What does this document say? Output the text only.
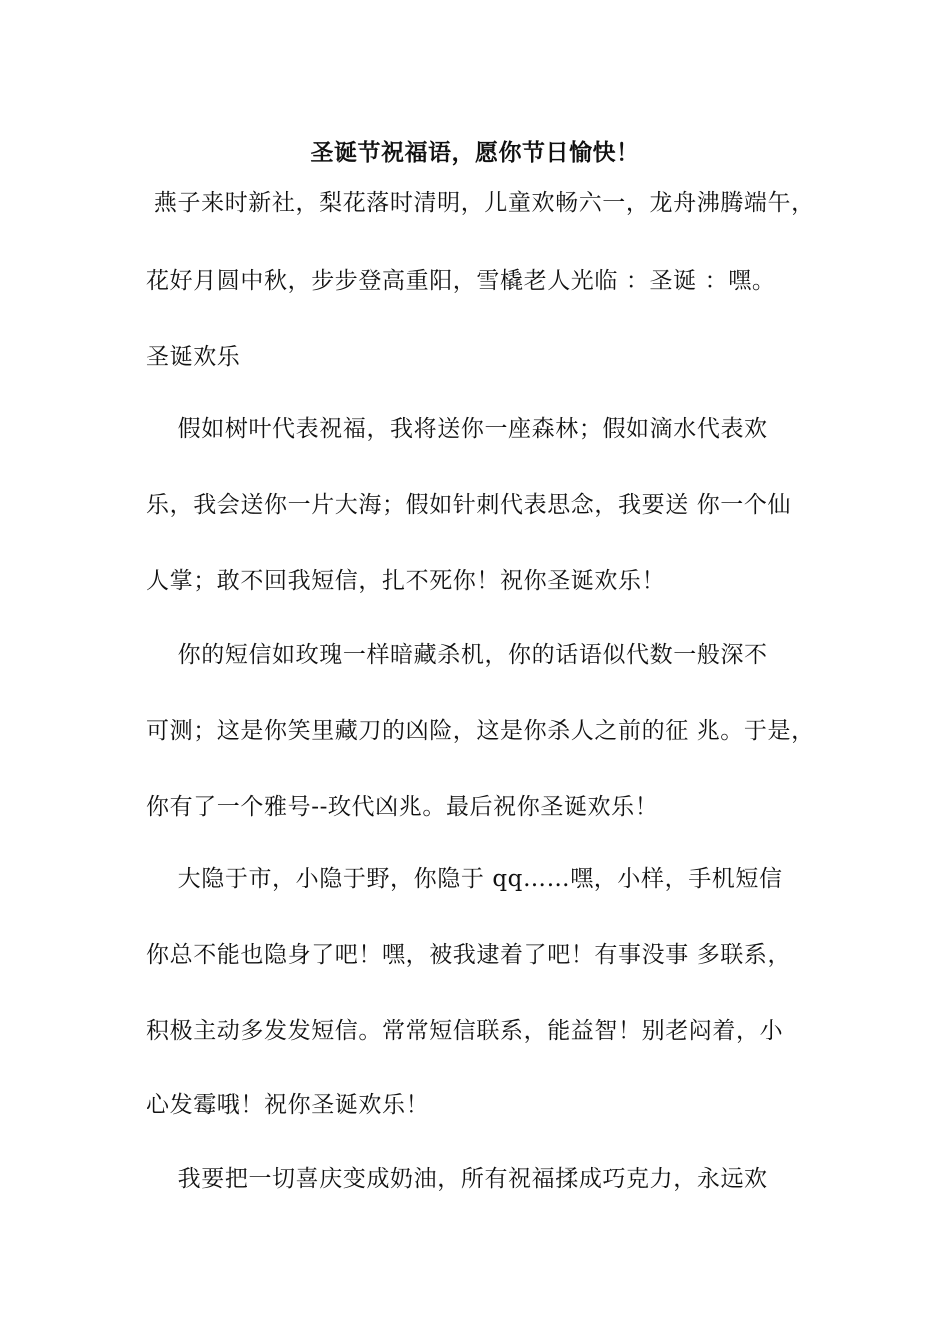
圣诞节祝福语，愿你节日愉快！
燕子来时新社，梨花落时清明，儿童欢畅六一，龙舟沸腾端午，
花好月圆中秋，步步登高重阳，雪橇老人光临 ：圣诞 ：嘿。
圣诞欢乐
假如树叶代表祝福，我将送你一座森林；假如滴水代表欢
乐，我会送你一片大海；假如针刺代表思念，我要送 你一个仙
人掌；敢不回我短信，扎不死你！祝你圣诞欢乐！
你的短信如玫瑰一样暗藏杀机，你的话语似代数一般深不
可测；这是你笑里藏刀的凶险，这是你杀人之前的征 兆。于是，
你有了一个雅号--玫代凶兆。最后祝你圣诞欢乐！
大隐于市，小隐于野，你隐于 qq……嘿，小样，手机短信
你总不能也隐身了吧！嘿，被我逮着了吧！有事没事 多联系，
积极主动多发发短信。常常短信联系，能益智！别老闷着，小
心发霉哦！祝你圣诞欢乐！
我要把一切喜庆变成奶油，所有祝福揉成巧克力，永远欢
